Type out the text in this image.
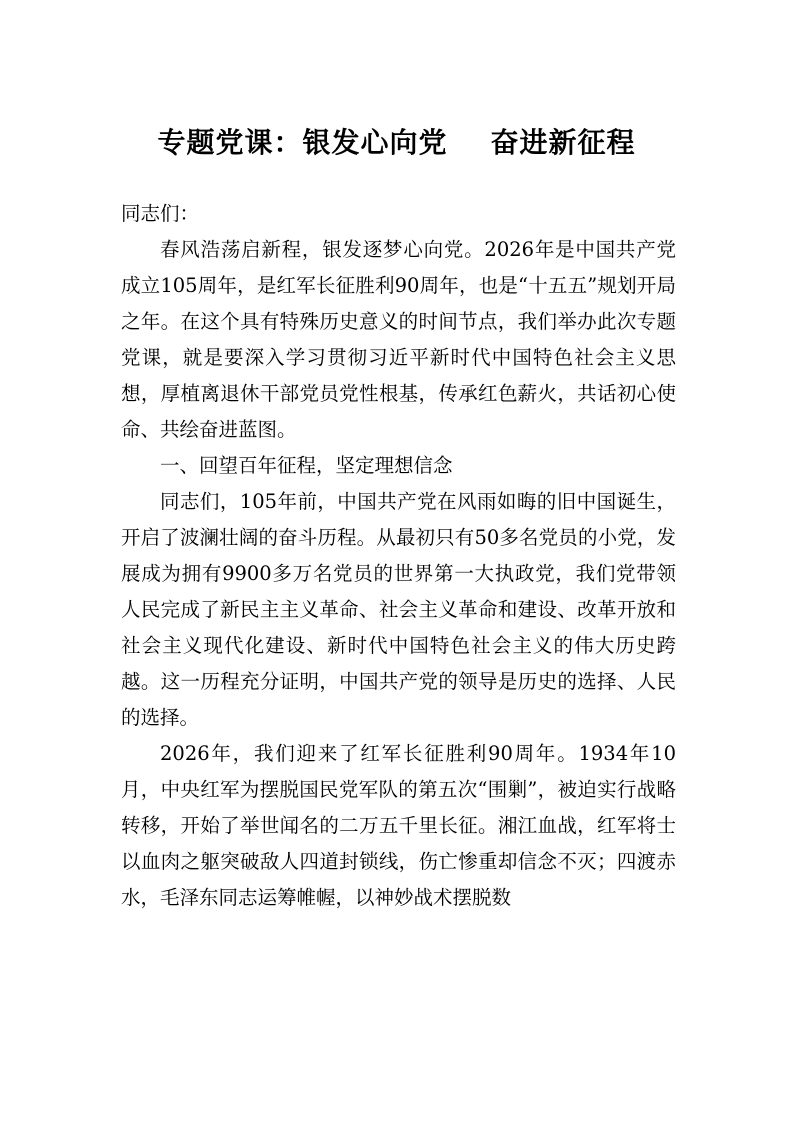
专题党课：银发心向党    奋进新征程

同志们：

春风浩荡启新程，银发逐梦心向党。2026年是中国共产党成立105周年，是红军长征胜利90周年，也是“十五五”规划开局之年。在这个具有特殊历史意义的时间节点，我们举办此次专题党课，就是要深入学习贯彻习近平新时代中国特色社会主义思想，厚植离退休干部党员党性根基，传承红色薪火，共话初心使命、共绘奋进蓝图。

一、回望百年征程，坚定理想信念

同志们，105年前，中国共产党在风雨如晦的旧中国诞生，开启了波澜壮阔的奋斗历程。从最初只有50多名党员的小党，发展成为拥有9900多万名党员的世界第一大执政党，我们党带领人民完成了新民主主义革命、社会主义革命和建设、改革开放和社会主义现代化建设、新时代中国特色社会主义的伟大历史跨越。这一历程充分证明，中国共产党的领导是历史的选择、人民的选择。

2026年，我们迎来了红军长征胜利90周年。1934年10月，中央红军为摆脱国民党军队的第五次“围剿”，被迫实行战略转移，开始了举世闻名的二万五千里长征。湘江血战，红军将士以血肉之躯突破敌人四道封锁线，伤亡惨重却信念不灭；四渡赤水，毛泽东同志运筹帷幄，以神妙战术摆脱数
